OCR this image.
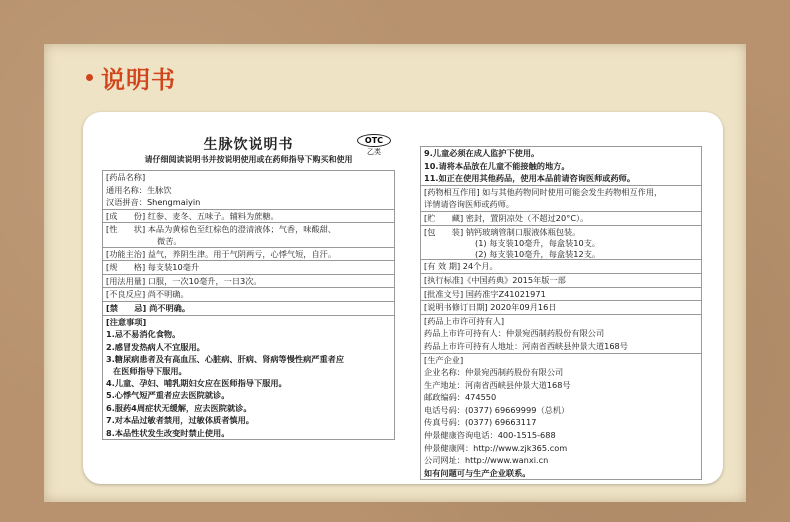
说明书
OTC
乙类
生脉饮说明书
请仔细阅读说明书并按说明使用或在药师指导下购买和使用
[药品名称]
通用名称：生脉饮
汉语拼音：Shengmaiyin
[成　　份] 红参、麦冬、五味子。辅料为蔗糖。
[性　　状] 本品为黄棕色至红棕色的澄清液体；气香，味酸甜、
微苦。
[功能主治] 益气，养阴生津。用于气阴两亏，心悸气短，自汗。
[规　　格] 每支装10毫升
[用法用量] 口服，一次10毫升，一日3次。
[不良反应] 尚不明确。
[禁　　忌] 尚不明确。
[注意事项]
1.忌不易消化食物。
2.感冒发热病人不宜服用。
3.糖尿病患者及有高血压、心脏病、肝病、肾病等慢性病严重者应
在医师指导下服用。
4.儿童、孕妇、哺乳期妇女应在医师指导下服用。
5.心悸气短严重者应去医院就诊。
6.服药4周症状无缓解，应去医院就诊。
7.对本品过敏者禁用，过敏体质者慎用。
8.本品性状发生改变时禁止使用。
9.儿童必须在成人监护下使用。
10.请将本品放在儿童不能接触的地方。
11.如正在使用其他药品，使用本品前请咨询医师或药师。
[药物相互作用] 如与其他药物同时使用可能会发生药物相互作用，
详情请咨询医师或药师。
[贮　　藏] 密封，置阴凉处（不超过20°C）。
[包　　装] 钠钙玻璃管制口服液体瓶包装。
(1) 每支装10毫升，每盒装10支。
(2) 每支装10毫升，每盒装12支。
[有 效 期] 24个月。
[执行标准]《中国药典》2015年版一部
[批准文号] 国药准字Z41021971
[说明书修订日期] 2020年09月16日
[药品上市许可持有人]
药品上市许可持有人：仲景宛西制药股份有限公司
药品上市许可持有人地址：河南省西峡县仲景大道168号
[生产企业]
企业名称：仲景宛西制药股份有限公司
生产地址：河南省西峡县仲景大道168号
邮政编码：474550
电话号码：(0377) 69669999（总机）
传真号码：(0377) 69663117
仲景健康咨询电话：400-1515-688
仲景健康网：http://www.zjk365.com
公司网址：http://www.wanxi.cn
如有问题可与生产企业联系。
